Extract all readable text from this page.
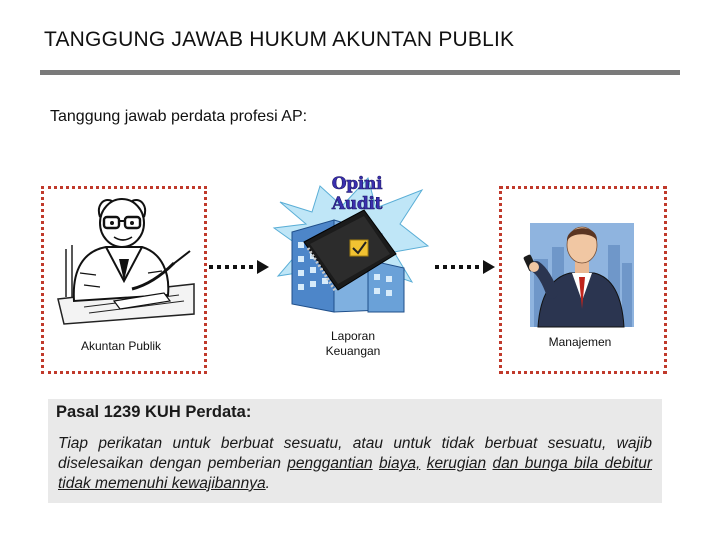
TANGGUNG JAWAB HUKUM AKUNTAN PUBLIK
Tanggung jawab perdata profesi AP:
Akuntan Publik
Opini Audit
Laporan
Keuangan
Manajemen
Pasal 1239 KUH Perdata:
Tiap perikatan untuk berbuat sesuatu, atau untuk tidak berbuat sesuatu, wajib diselesaikan dengan pemberian penggantian biaya, kerugian dan bunga bila debitur tidak memenuhi kewajibannya.
